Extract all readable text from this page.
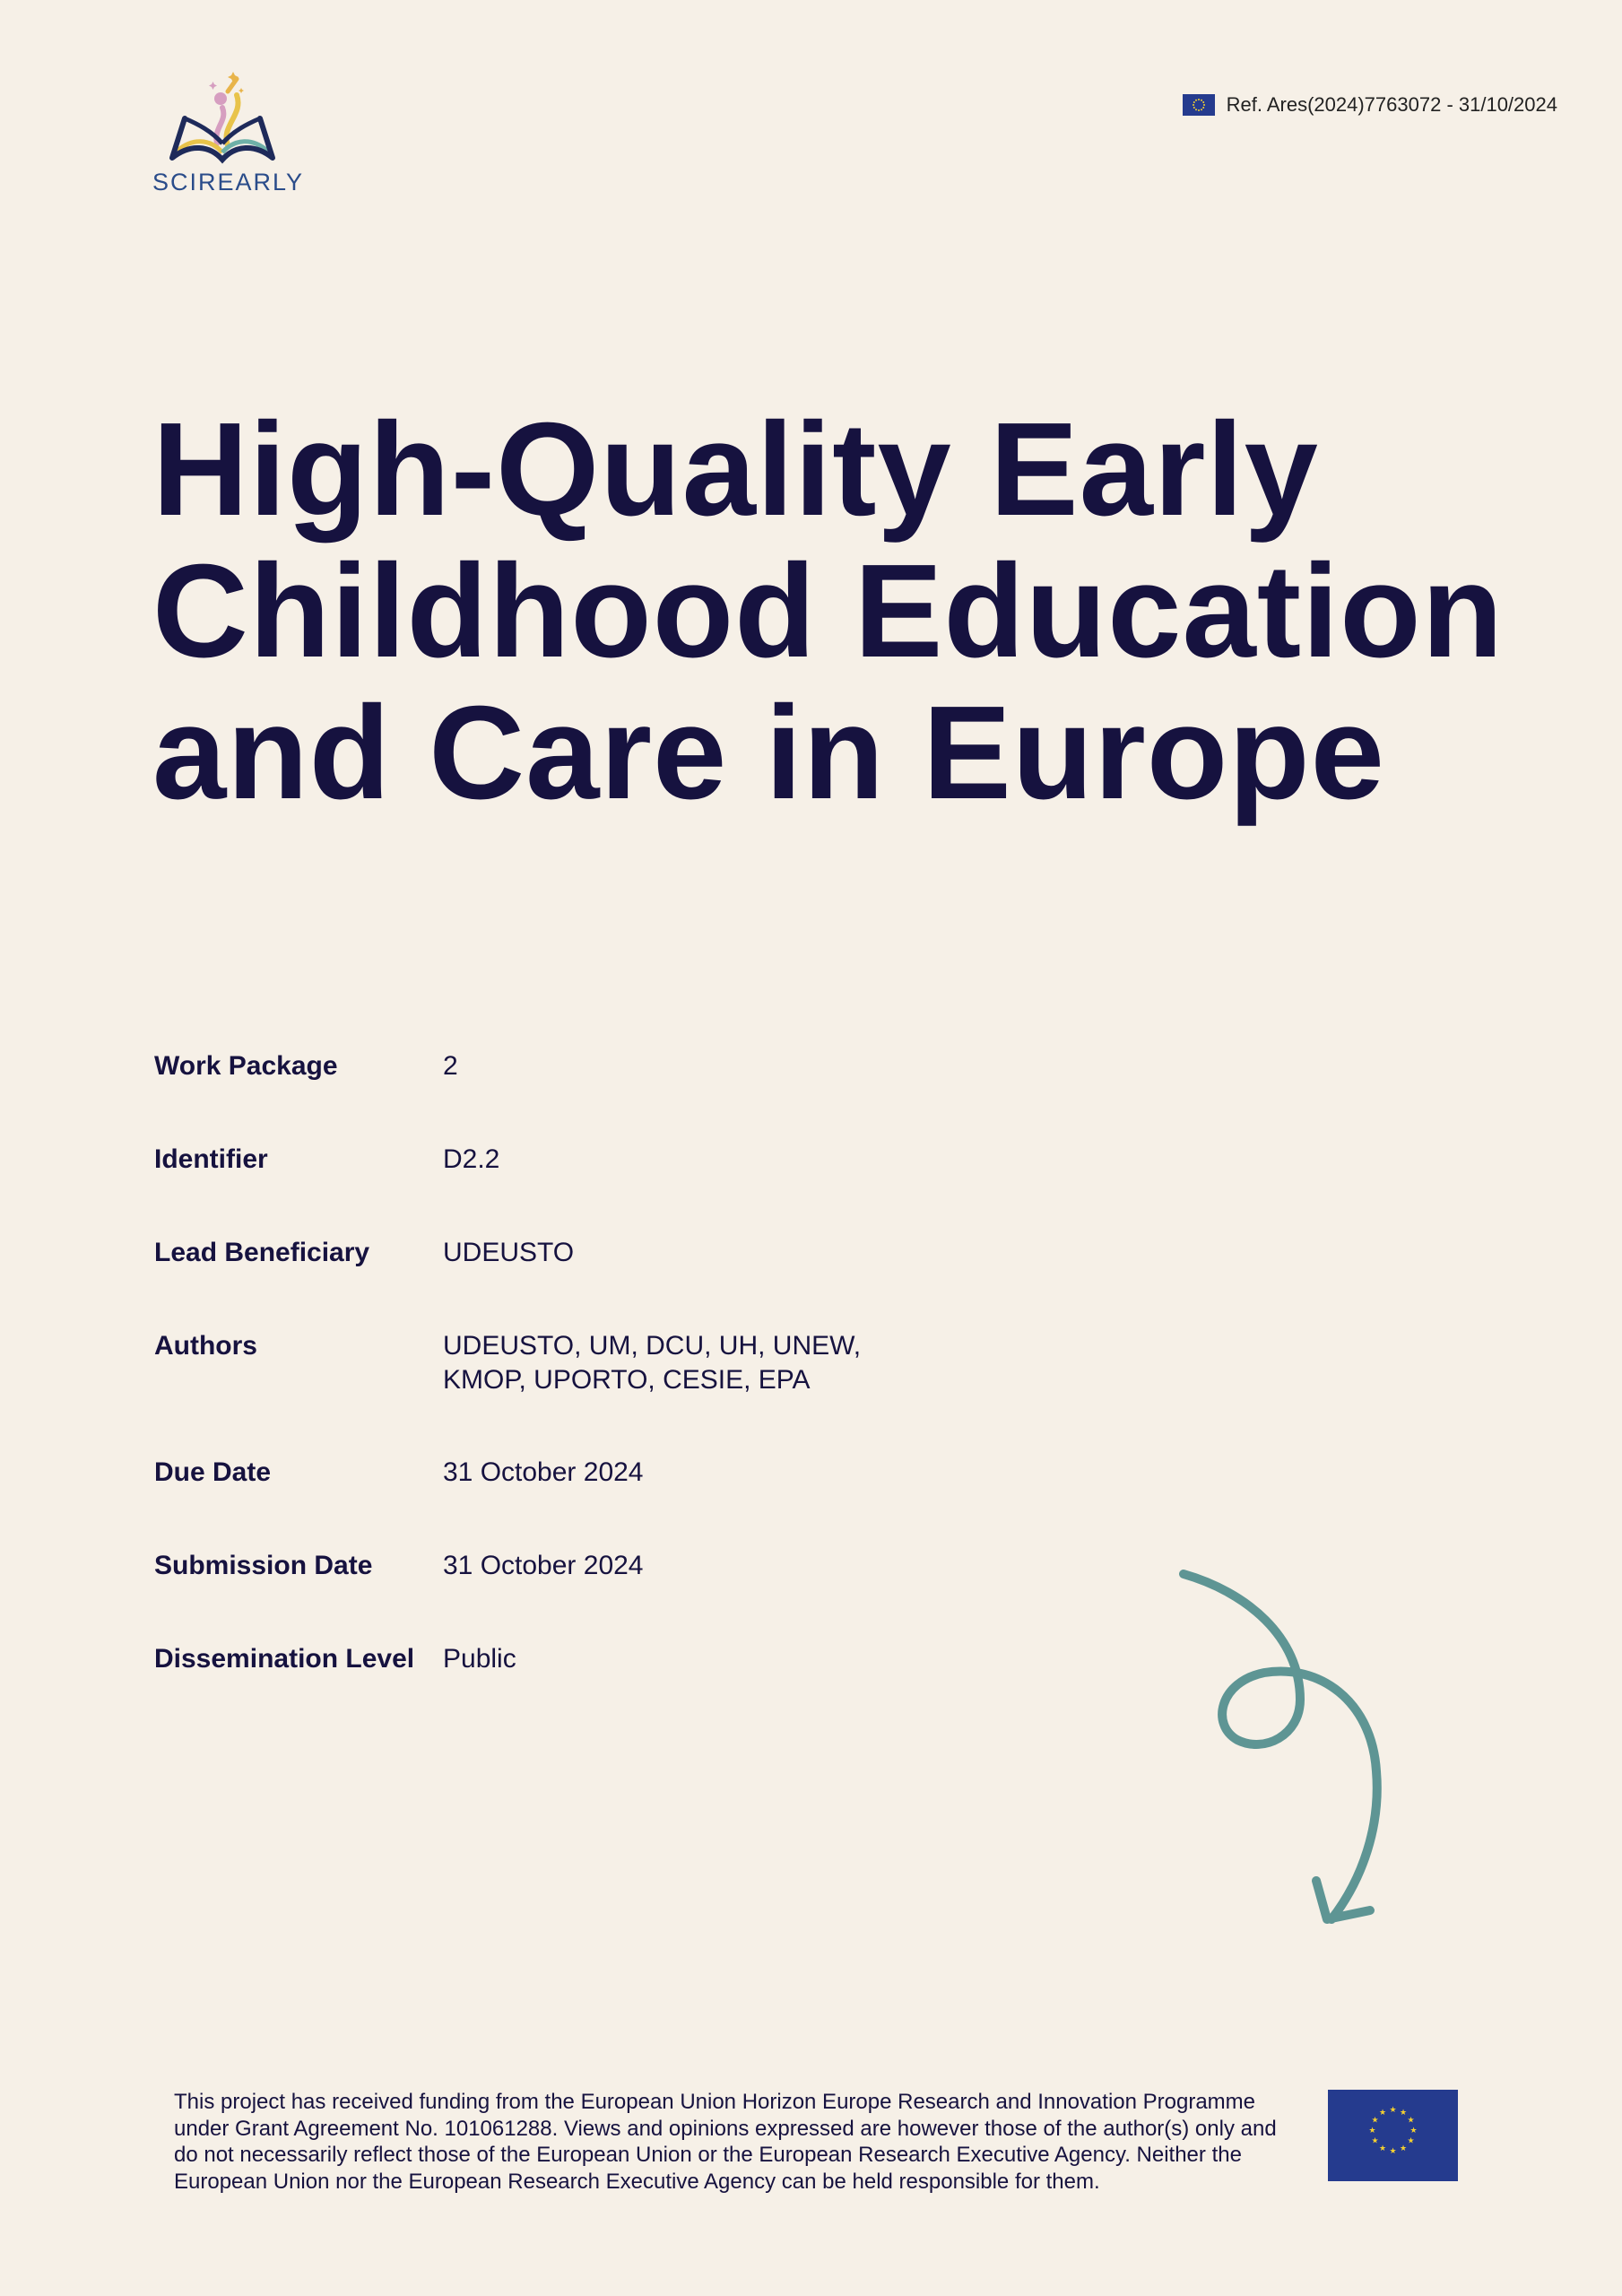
SCIREARLY
Ref. Ares(2024)7763072 - 31/10/2024
High-Quality Early
Childhood Education
and Care in Europe
Work Package	2
Identifier	D2.2
Lead Beneficiary	UDEUSTO
Authors	UDEUSTO, UM, DCU, UH, UNEW,
KMOP, UPORTO, CESIE, EPA
Due Date	31 October 2024
Submission Date	31 October 2024
Dissemination Level	Public

This project has received funding from the European Union Horizon Europe Research and Innovation Programme
under Grant Agreement No. 101061288. Views and opinions expressed are however those of the author(s) only and
do not necessarily reflect those of the European Union or the European Research Executive Agency. Neither the
European Union nor the European Research Executive Agency can be held responsible for them.

★ ★
★
★
★
★
★
★
★
★
★
★
